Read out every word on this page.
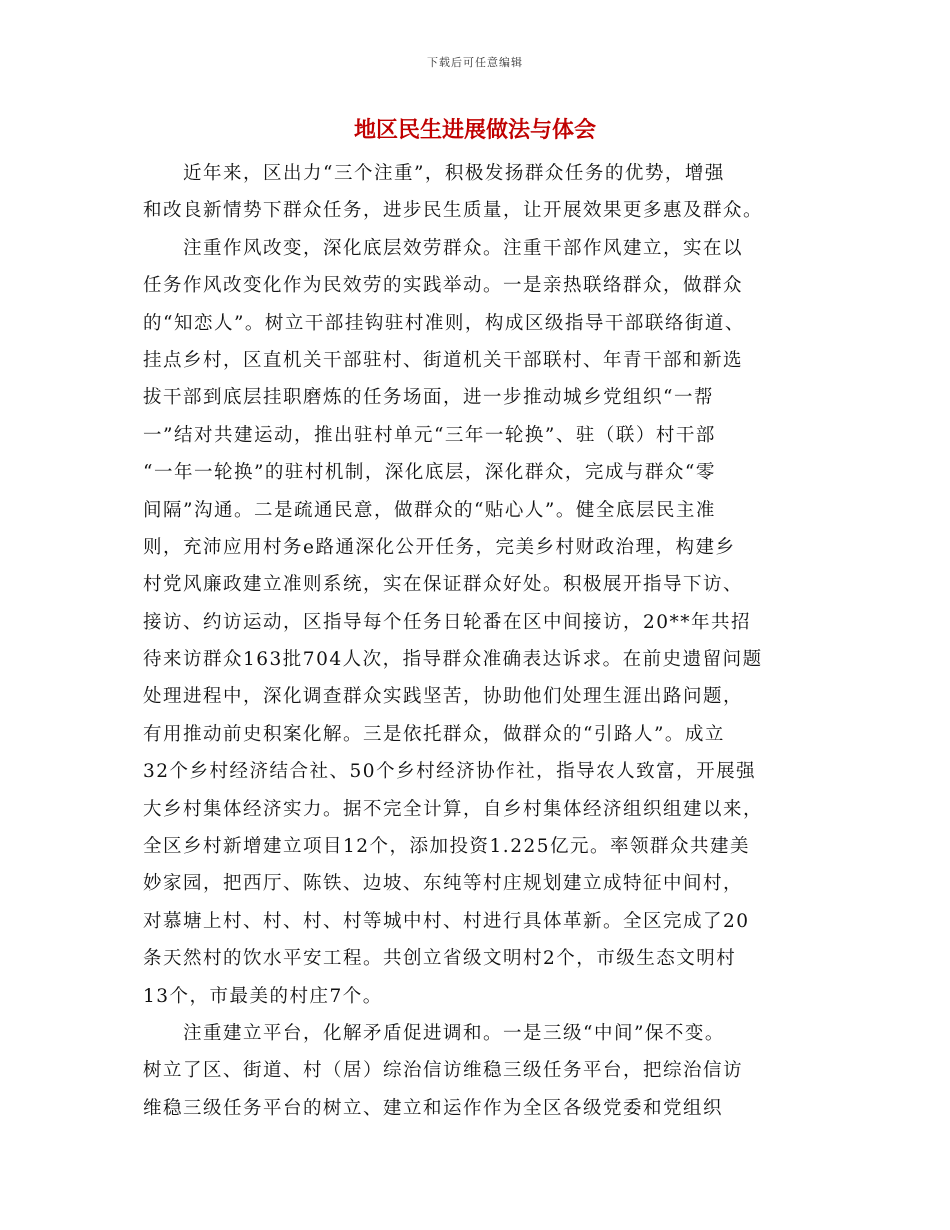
下载后可任意编辑
地区民生进展做法与体会
　　近年来，区出力“三个注重”，积极发扬群众任务的优势，增强
和改良新情势下群众任务，进步民生质量，让开展效果更多惠及群众。
　　注重作风改变，深化底层效劳群众。注重干部作风建立，实在以
任务作风改变化作为民效劳的实践举动。一是亲热联络群众，做群众
的“知恋人”。树立干部挂钩驻村准则，构成区级指导干部联络街道、
挂点乡村，区直机关干部驻村、街道机关干部联村、年青干部和新选
拔干部到底层挂职磨炼的任务场面，进一步推动城乡党组织“一帮
一”结对共建运动，推出驻村单元“三年一轮换”、驻（联）村干部
“一年一轮换”的驻村机制，深化底层，深化群众，完成与群众“零
间隔”沟通。二是疏通民意，做群众的“贴心人”。健全底层民主准
则，充沛应用村务e路通深化公开任务，完美乡村财政治理，构建乡
村党风廉政建立准则系统，实在保证群众好处。积极展开指导下访、
接访、约访运动，区指导每个任务日轮番在区中间接访，20**年共招
待来访群众163批704人次，指导群众准确表达诉求。在前史遗留问题
处理进程中，深化调查群众实践坚苦，协助他们处理生涯出路问题，
有用推动前史积案化解。三是依托群众，做群众的“引路人”。成立
32个乡村经济结合社、50个乡村经济协作社，指导农人致富，开展强
大乡村集体经济实力。据不完全计算，自乡村集体经济组织组建以来，
全区乡村新增建立项目12个，添加投资1.225亿元。率领群众共建美
妙家园，把西厅、陈铁、边坡、东纯等村庄规划建立成特征中间村，
对慕塘上村、村、村、村等城中村、村进行具体革新。全区完成了20
条天然村的饮水平安工程。共创立省级文明村2个，市级生态文明村
13个，市最美的村庄7个。
　　注重建立平台，化解矛盾促进调和。一是三级“中间”保不变。
树立了区、街道、村（居）综治信访维稳三级任务平台，把综治信访
维稳三级任务平台的树立、建立和运作作为全区各级党委和党组织
